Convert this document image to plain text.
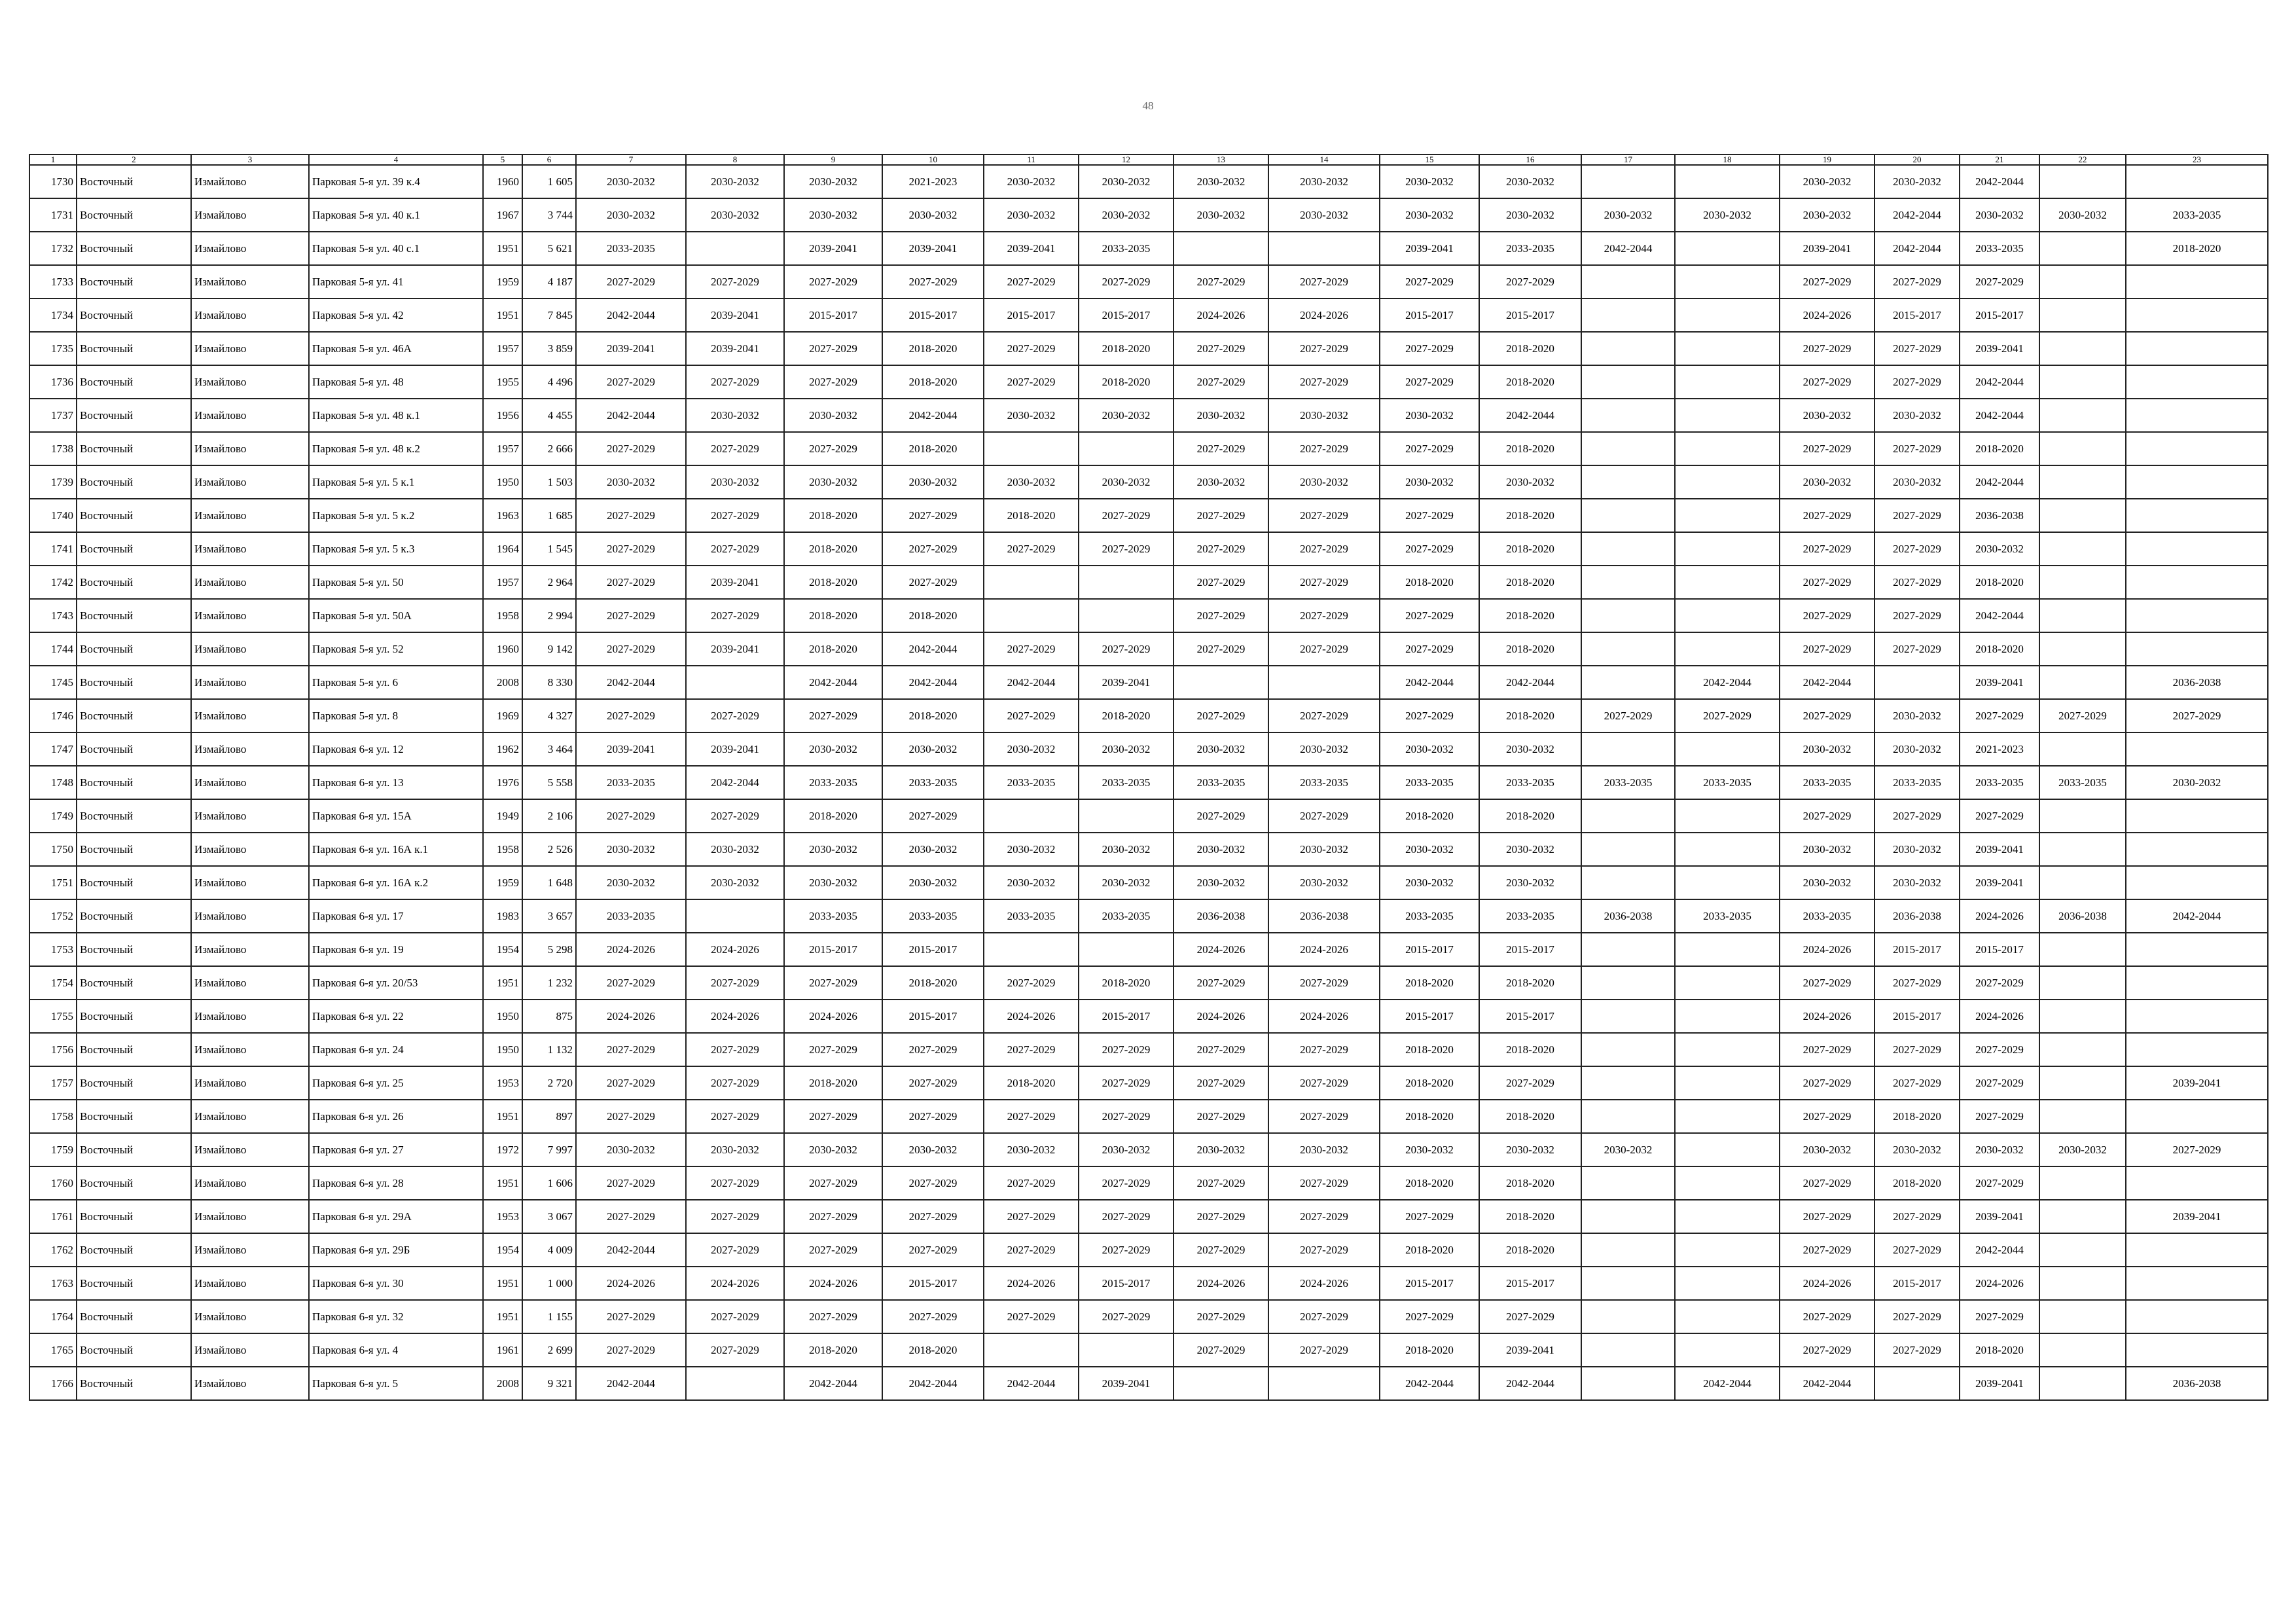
48
1	2	3	4	5	6	7	8	9	10	11	12	13	14	15	16	17	18	19	20	21	22	23
1730	Восточный	Измайлово	Парковая 5-я ул. 39 к.4	1960	1 605	2030-2032	2030-2032	2030-2032	2021-2023	2030-2032	2030-2032	2030-2032	2030-2032	2030-2032	2030-2032			2030-2032	2030-2032	2042-2044		
1731	Восточный	Измайлово	Парковая 5-я ул. 40 к.1	1967	3 744	2030-2032	2030-2032	2030-2032	2030-2032	2030-2032	2030-2032	2030-2032	2030-2032	2030-2032	2030-2032	2030-2032	2030-2032	2030-2032	2042-2044	2030-2032	2030-2032	2033-2035
1732	Восточный	Измайлово	Парковая 5-я ул. 40 с.1	1951	5 621	2033-2035		2039-2041	2039-2041	2039-2041	2033-2035			2039-2041	2033-2035	2042-2044		2039-2041	2042-2044	2033-2035		2018-2020
1733	Восточный	Измайлово	Парковая 5-я ул. 41	1959	4 187	2027-2029	2027-2029	2027-2029	2027-2029	2027-2029	2027-2029	2027-2029	2027-2029	2027-2029	2027-2029			2027-2029	2027-2029	2027-2029		
1734	Восточный	Измайлово	Парковая 5-я ул. 42	1951	7 845	2042-2044	2039-2041	2015-2017	2015-2017	2015-2017	2015-2017	2024-2026	2024-2026	2015-2017	2015-2017			2024-2026	2015-2017	2015-2017		
1735	Восточный	Измайлово	Парковая 5-я ул. 46А	1957	3 859	2039-2041	2039-2041	2027-2029	2018-2020	2027-2029	2018-2020	2027-2029	2027-2029	2027-2029	2018-2020			2027-2029	2027-2029	2039-2041		
1736	Восточный	Измайлово	Парковая 5-я ул. 48	1955	4 496	2027-2029	2027-2029	2027-2029	2018-2020	2027-2029	2018-2020	2027-2029	2027-2029	2027-2029	2018-2020			2027-2029	2027-2029	2042-2044		
1737	Восточный	Измайлово	Парковая 5-я ул. 48 к.1	1956	4 455	2042-2044	2030-2032	2030-2032	2042-2044	2030-2032	2030-2032	2030-2032	2030-2032	2030-2032	2042-2044			2030-2032	2030-2032	2042-2044		
1738	Восточный	Измайлово	Парковая 5-я ул. 48 к.2	1957	2 666	2027-2029	2027-2029	2027-2029	2018-2020			2027-2029	2027-2029	2027-2029	2018-2020			2027-2029	2027-2029	2018-2020		
1739	Восточный	Измайлово	Парковая 5-я ул. 5 к.1	1950	1 503	2030-2032	2030-2032	2030-2032	2030-2032	2030-2032	2030-2032	2030-2032	2030-2032	2030-2032	2030-2032			2030-2032	2030-2032	2042-2044		
1740	Восточный	Измайлово	Парковая 5-я ул. 5 к.2	1963	1 685	2027-2029	2027-2029	2018-2020	2027-2029	2018-2020	2027-2029	2027-2029	2027-2029	2027-2029	2018-2020			2027-2029	2027-2029	2036-2038		
1741	Восточный	Измайлово	Парковая 5-я ул. 5 к.3	1964	1 545	2027-2029	2027-2029	2018-2020	2027-2029	2027-2029	2027-2029	2027-2029	2027-2029	2027-2029	2018-2020			2027-2029	2027-2029	2030-2032		
1742	Восточный	Измайлово	Парковая 5-я ул. 50	1957	2 964	2027-2029	2039-2041	2018-2020	2027-2029			2027-2029	2027-2029	2018-2020	2018-2020			2027-2029	2027-2029	2018-2020		
1743	Восточный	Измайлово	Парковая 5-я ул. 50А	1958	2 994	2027-2029	2027-2029	2018-2020	2018-2020			2027-2029	2027-2029	2027-2029	2018-2020			2027-2029	2027-2029	2042-2044		
1744	Восточный	Измайлово	Парковая 5-я ул. 52	1960	9 142	2027-2029	2039-2041	2018-2020	2042-2044	2027-2029	2027-2029	2027-2029	2027-2029	2027-2029	2018-2020			2027-2029	2027-2029	2018-2020		
1745	Восточный	Измайлово	Парковая 5-я ул. 6	2008	8 330	2042-2044		2042-2044	2042-2044	2042-2044	2039-2041			2042-2044	2042-2044		2042-2044	2042-2044		2039-2041		2036-2038
1746	Восточный	Измайлово	Парковая 5-я ул. 8	1969	4 327	2027-2029	2027-2029	2027-2029	2018-2020	2027-2029	2018-2020	2027-2029	2027-2029	2027-2029	2018-2020	2027-2029	2027-2029	2027-2029	2030-2032	2027-2029	2027-2029	2027-2029
1747	Восточный	Измайлово	Парковая 6-я ул. 12	1962	3 464	2039-2041	2039-2041	2030-2032	2030-2032	2030-2032	2030-2032	2030-2032	2030-2032	2030-2032	2030-2032			2030-2032	2030-2032	2021-2023		
1748	Восточный	Измайлово	Парковая 6-я ул. 13	1976	5 558	2033-2035	2042-2044	2033-2035	2033-2035	2033-2035	2033-2035	2033-2035	2033-2035	2033-2035	2033-2035	2033-2035	2033-2035	2033-2035	2033-2035	2033-2035	2033-2035	2030-2032
1749	Восточный	Измайлово	Парковая 6-я ул. 15А	1949	2 106	2027-2029	2027-2029	2018-2020	2027-2029			2027-2029	2027-2029	2018-2020	2018-2020			2027-2029	2027-2029	2027-2029		
1750	Восточный	Измайлово	Парковая 6-я ул. 16А к.1	1958	2 526	2030-2032	2030-2032	2030-2032	2030-2032	2030-2032	2030-2032	2030-2032	2030-2032	2030-2032	2030-2032			2030-2032	2030-2032	2039-2041		
1751	Восточный	Измайлово	Парковая 6-я ул. 16А к.2	1959	1 648	2030-2032	2030-2032	2030-2032	2030-2032	2030-2032	2030-2032	2030-2032	2030-2032	2030-2032	2030-2032			2030-2032	2030-2032	2039-2041		
1752	Восточный	Измайлово	Парковая 6-я ул. 17	1983	3 657	2033-2035		2033-2035	2033-2035	2033-2035	2033-2035	2036-2038	2036-2038	2033-2035	2033-2035	2036-2038	2033-2035	2033-2035	2036-2038	2024-2026	2036-2038	2042-2044
1753	Восточный	Измайлово	Парковая 6-я ул. 19	1954	5 298	2024-2026	2024-2026	2015-2017	2015-2017			2024-2026	2024-2026	2015-2017	2015-2017			2024-2026	2015-2017	2015-2017		
1754	Восточный	Измайлово	Парковая 6-я ул. 20/53	1951	1 232	2027-2029	2027-2029	2027-2029	2018-2020	2027-2029	2018-2020	2027-2029	2027-2029	2018-2020	2018-2020			2027-2029	2027-2029	2027-2029		
1755	Восточный	Измайлово	Парковая 6-я ул. 22	1950	875	2024-2026	2024-2026	2024-2026	2015-2017	2024-2026	2015-2017	2024-2026	2024-2026	2015-2017	2015-2017			2024-2026	2015-2017	2024-2026		
1756	Восточный	Измайлово	Парковая 6-я ул. 24	1950	1 132	2027-2029	2027-2029	2027-2029	2027-2029	2027-2029	2027-2029	2027-2029	2027-2029	2018-2020	2018-2020			2027-2029	2027-2029	2027-2029		
1757	Восточный	Измайлово	Парковая 6-я ул. 25	1953	2 720	2027-2029	2027-2029	2018-2020	2027-2029	2018-2020	2027-2029	2027-2029	2027-2029	2018-2020	2027-2029			2027-2029	2027-2029	2027-2029		2039-2041
1758	Восточный	Измайлово	Парковая 6-я ул. 26	1951	897	2027-2029	2027-2029	2027-2029	2027-2029	2027-2029	2027-2029	2027-2029	2027-2029	2018-2020	2018-2020			2027-2029	2018-2020	2027-2029		
1759	Восточный	Измайлово	Парковая 6-я ул. 27	1972	7 997	2030-2032	2030-2032	2030-2032	2030-2032	2030-2032	2030-2032	2030-2032	2030-2032	2030-2032	2030-2032	2030-2032		2030-2032	2030-2032	2030-2032	2030-2032	2027-2029
1760	Восточный	Измайлово	Парковая 6-я ул. 28	1951	1 606	2027-2029	2027-2029	2027-2029	2027-2029	2027-2029	2027-2029	2027-2029	2027-2029	2018-2020	2018-2020			2027-2029	2018-2020	2027-2029		
1761	Восточный	Измайлово	Парковая 6-я ул. 29А	1953	3 067	2027-2029	2027-2029	2027-2029	2027-2029	2027-2029	2027-2029	2027-2029	2027-2029	2027-2029	2018-2020			2027-2029	2027-2029	2039-2041		2039-2041
1762	Восточный	Измайлово	Парковая 6-я ул. 29Б	1954	4 009	2042-2044	2027-2029	2027-2029	2027-2029	2027-2029	2027-2029	2027-2029	2027-2029	2018-2020	2018-2020			2027-2029	2027-2029	2042-2044		
1763	Восточный	Измайлово	Парковая 6-я ул. 30	1951	1 000	2024-2026	2024-2026	2024-2026	2015-2017	2024-2026	2015-2017	2024-2026	2024-2026	2015-2017	2015-2017			2024-2026	2015-2017	2024-2026		
1764	Восточный	Измайлово	Парковая 6-я ул. 32	1951	1 155	2027-2029	2027-2029	2027-2029	2027-2029	2027-2029	2027-2029	2027-2029	2027-2029	2027-2029	2027-2029			2027-2029	2027-2029	2027-2029		
1765	Восточный	Измайлово	Парковая 6-я ул. 4	1961	2 699	2027-2029	2027-2029	2018-2020	2018-2020			2027-2029	2027-2029	2018-2020	2039-2041			2027-2029	2027-2029	2018-2020		
1766	Восточный	Измайлово	Парковая 6-я ул. 5	2008	9 321	2042-2044		2042-2044	2042-2044	2042-2044	2039-2041			2042-2044	2042-2044		2042-2044	2042-2044		2039-2041		2036-2038
